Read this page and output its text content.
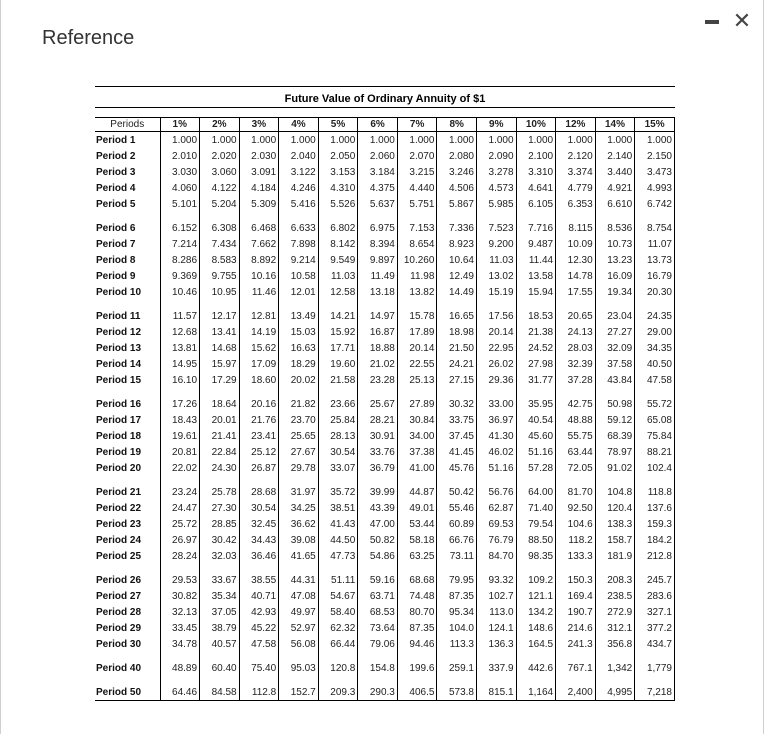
Reference
✕
Future Value of Ordinary Annuity of $1
Periods	1%	2%	3%	4%	5%	6%	7%	8%	9%	10%	12%	14%	15%
Period 1	1.000	1.000	1.000	1.000	1.000	1.000	1.000	1.000	1.000	1.000	1.000	1.000	1.000
Period 2	2.010	2.020	2.030	2.040	2.050	2.060	2.070	2.080	2.090	2.100	2.120	2.140	2.150
Period 3	3.030	3.060	3.091	3.122	3.153	3.184	3.215	3.246	3.278	3.310	3.374	3.440	3.473
Period 4	4.060	4.122	4.184	4.246	4.310	4.375	4.440	4.506	4.573	4.641	4.779	4.921	4.993
Period 5	5.101	5.204	5.309	5.416	5.526	5.637	5.751	5.867	5.985	6.105	6.353	6.610	6.742
Period 6	6.152	6.308	6.468	6.633	6.802	6.975	7.153	7.336	7.523	7.716	8.115	8.536	8.754
Period 7	7.214	7.434	7.662	7.898	8.142	8.394	8.654	8.923	9.200	9.487	10.09	10.73	11.07
Period 8	8.286	8.583	8.892	9.214	9.549	9.897	10.260	10.64	11.03	11.44	12.30	13.23	13.73
Period 9	9.369	9.755	10.16	10.58	11.03	11.49	11.98	12.49	13.02	13.58	14.78	16.09	16.79
Period 10	10.46	10.95	11.46	12.01	12.58	13.18	13.82	14.49	15.19	15.94	17.55	19.34	20.30
Period 11	11.57	12.17	12.81	13.49	14.21	14.97	15.78	16.65	17.56	18.53	20.65	23.04	24.35
Period 12	12.68	13.41	14.19	15.03	15.92	16.87	17.89	18.98	20.14	21.38	24.13	27.27	29.00
Period 13	13.81	14.68	15.62	16.63	17.71	18.88	20.14	21.50	22.95	24.52	28.03	32.09	34.35
Period 14	14.95	15.97	17.09	18.29	19.60	21.02	22.55	24.21	26.02	27.98	32.39	37.58	40.50
Period 15	16.10	17.29	18.60	20.02	21.58	23.28	25.13	27.15	29.36	31.77	37.28	43.84	47.58
Period 16	17.26	18.64	20.16	21.82	23.66	25.67	27.89	30.32	33.00	35.95	42.75	50.98	55.72
Period 17	18.43	20.01	21.76	23.70	25.84	28.21	30.84	33.75	36.97	40.54	48.88	59.12	65.08
Period 18	19.61	21.41	23.41	25.65	28.13	30.91	34.00	37.45	41.30	45.60	55.75	68.39	75.84
Period 19	20.81	22.84	25.12	27.67	30.54	33.76	37.38	41.45	46.02	51.16	63.44	78.97	88.21
Period 20	22.02	24.30	26.87	29.78	33.07	36.79	41.00	45.76	51.16	57.28	72.05	91.02	102.4
Period 21	23.24	25.78	28.68	31.97	35.72	39.99	44.87	50.42	56.76	64.00	81.70	104.8	118.8
Period 22	24.47	27.30	30.54	34.25	38.51	43.39	49.01	55.46	62.87	71.40	92.50	120.4	137.6
Period 23	25.72	28.85	32.45	36.62	41.43	47.00	53.44	60.89	69.53	79.54	104.6	138.3	159.3
Period 24	26.97	30.42	34.43	39.08	44.50	50.82	58.18	66.76	76.79	88.50	118.2	158.7	184.2
Period 25	28.24	32.03	36.46	41.65	47.73	54.86	63.25	73.11	84.70	98.35	133.3	181.9	212.8
Period 26	29.53	33.67	38.55	44.31	51.11	59.16	68.68	79.95	93.32	109.2	150.3	208.3	245.7
Period 27	30.82	35.34	40.71	47.08	54.67	63.71	74.48	87.35	102.7	121.1	169.4	238.5	283.6
Period 28	32.13	37.05	42.93	49.97	58.40	68.53	80.70	95.34	113.0	134.2	190.7	272.9	327.1
Period 29	33.45	38.79	45.22	52.97	62.32	73.64	87.35	104.0	124.1	148.6	214.6	312.1	377.2
Period 30	34.78	40.57	47.58	56.08	66.44	79.06	94.46	113.3	136.3	164.5	241.3	356.8	434.7
Period 40	48.89	60.40	75.40	95.03	120.8	154.8	199.6	259.1	337.9	442.6	767.1	1,342	1,779
Period 50	64.46	84.58	112.8	152.7	209.3	290.3	406.5	573.8	815.1	1,164	2,400	4,995	7,218
